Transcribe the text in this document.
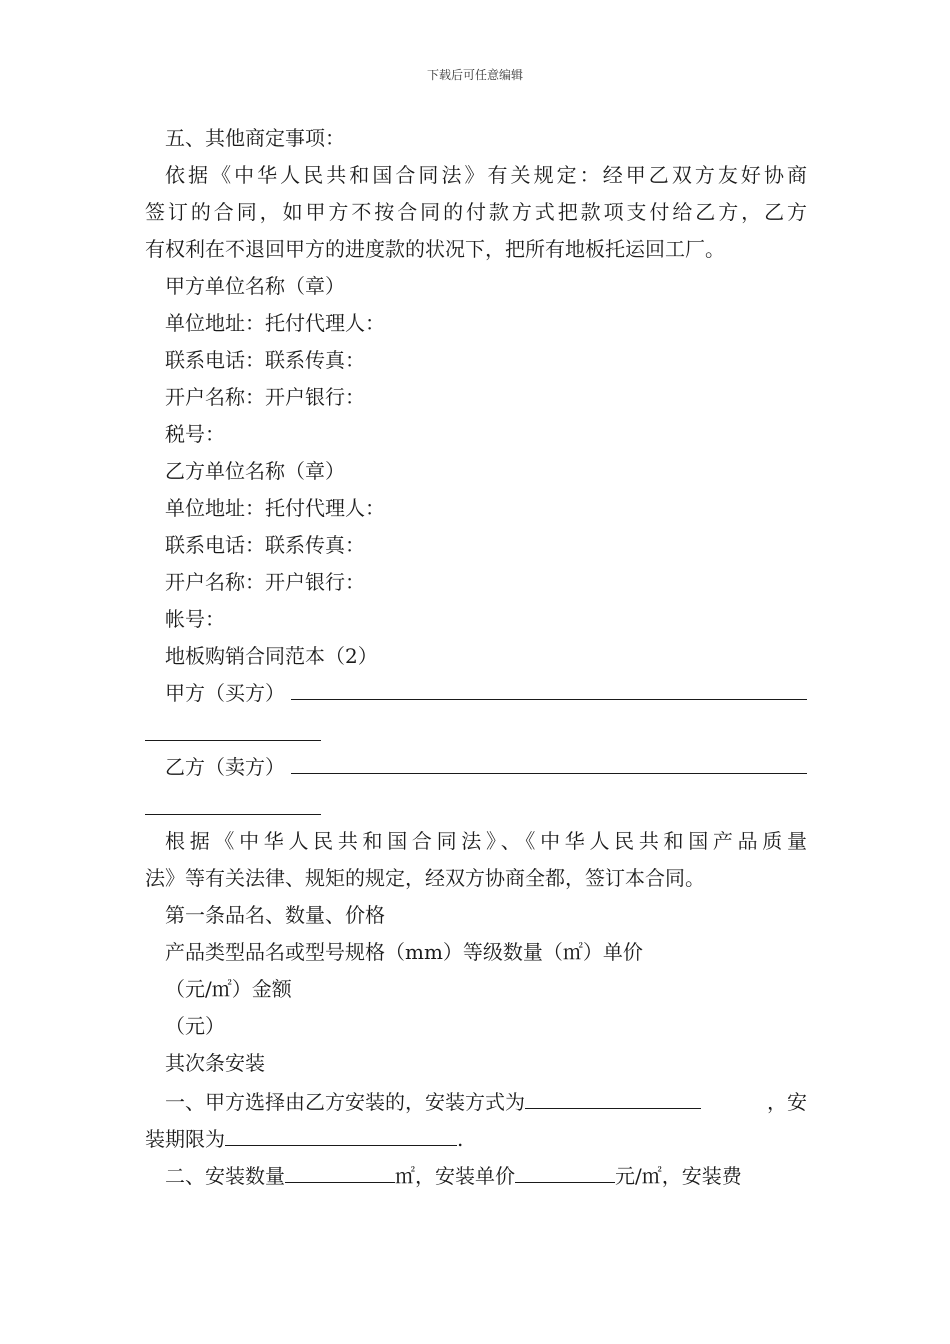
下载后可任意编辑
五、其他商定事项：
依据《中华人民共和国合同法》有关规定：经甲乙双方友好协商
签订的合同，如甲方不按合同的付款方式把款项支付给乙方，乙方
有权利在不退回甲方的进度款的状况下，把所有地板托运回工厂。
甲方单位名称（章）
单位地址：托付代理人：
联系电话：联系传真：
开户名称：开户银行：
税号：
乙方单位名称（章）
单位地址：托付代理人：
联系电话：联系传真：
开户名称：开户银行：
帐号：
地板购销合同范本（2）
甲方（买方）
乙方（卖方）
根据《中华人民共和国合同法》、《中华人民共和国产品质量
法》等有关法律、规矩的规定，经双方协商全都，签订本合同。
第一条品名、数量、价格
产品类型品名或型号规格（mm）等级数量（㎡）单价
（元/㎡）金额
（元）
其次条安装
一、甲方选择由乙方安装的，安装方式为	，安
装期限为	.
二、安装数量	㎡，安装单价	元/㎡，安装费
